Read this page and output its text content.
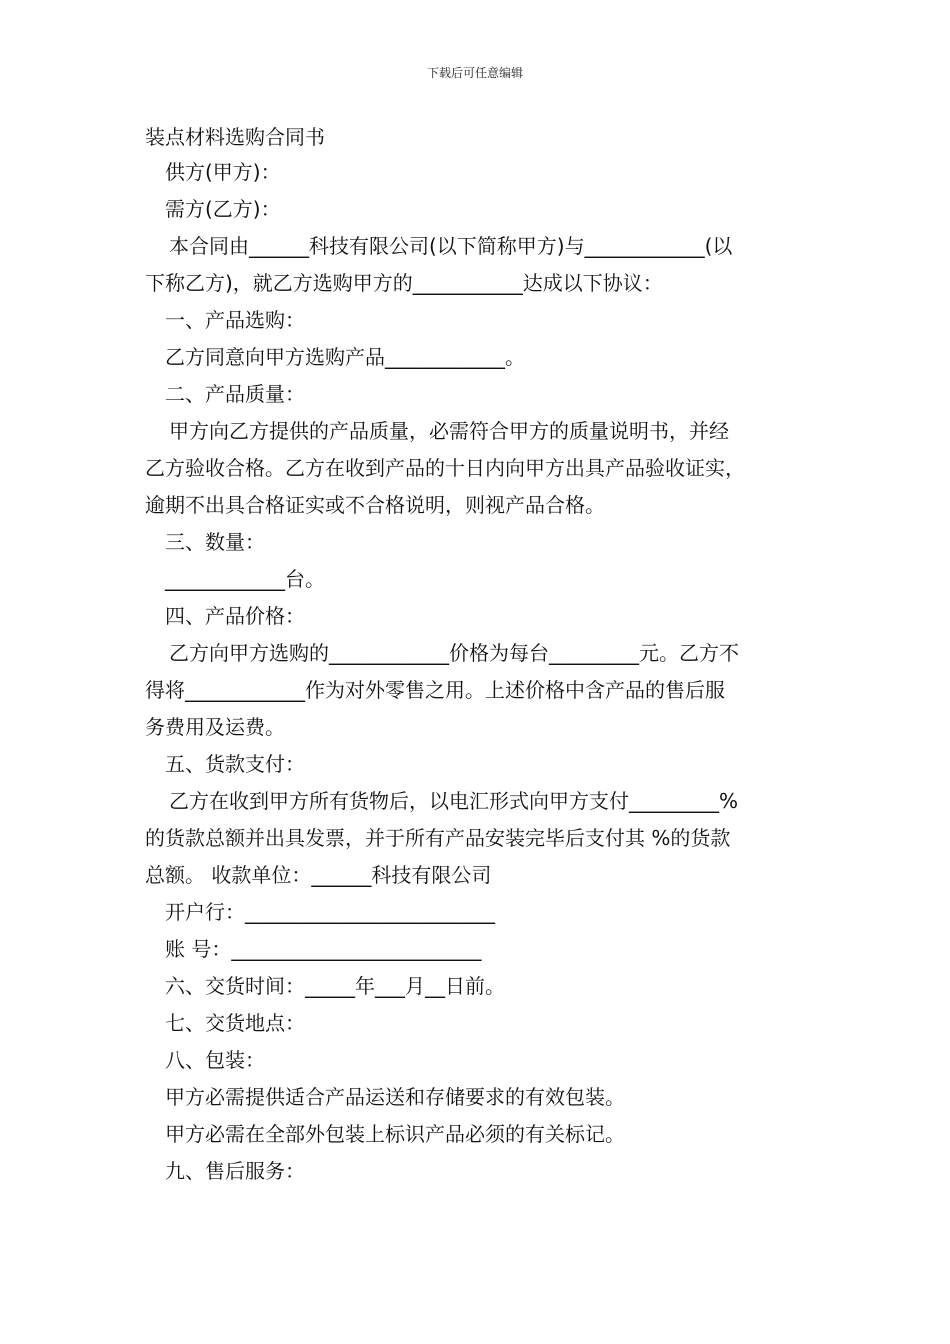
下载后可任意编辑
装点材料选购合同书
供方(甲方)：
需方(乙方)：
本合同由______科技有限公司(以下简称甲方)与____________(以
下称乙方)，就乙方选购甲方的___________达成以下协议：
一、产品选购：
乙方同意向甲方选购产品____________。
二、产品质量：
甲方向乙方提供的产品质量，必需符合甲方的质量说明书，并经
乙方验收合格。乙方在收到产品的十日内向甲方出具产品验收证实，
逾期不出具合格证实或不合格说明，则视产品合格。
三、数量：
____________台。
四、产品价格：
乙方向甲方选购的____________价格为每台_________元。乙方不
得将____________作为对外零售之用。上述价格中含产品的售后服
务费用及运费。
五、货款支付：
乙方在收到甲方所有货物后，以电汇形式向甲方支付_________%
的货款总额并出具发票，并于所有产品安装完毕后支付其 %的货款
总额。 收款单位：______科技有限公司
开户行：_________________________
账 号：_________________________
六、交货时间：_____年___月__日前。
七、交货地点：
八、包装：
甲方必需提供适合产品运送和存储要求的有效包装。
甲方必需在全部外包装上标识产品必须的有关标记。
九、售后服务：
